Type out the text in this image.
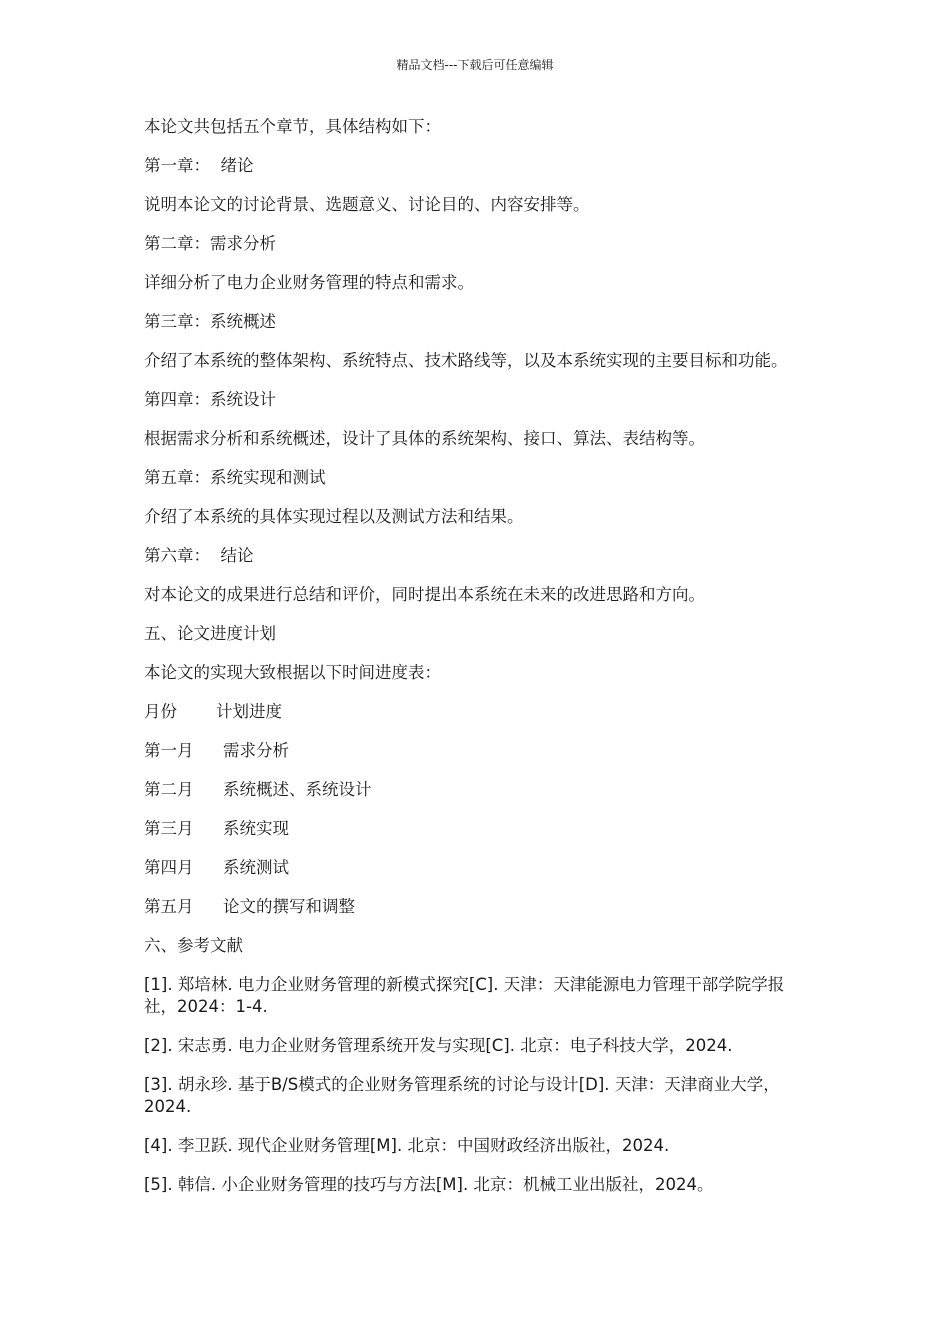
精品文档---下载后可任意编辑

本论文共包括五个章节，具体结构如下：

第一章：  绪论

说明本论文的讨论背景、选题意义、讨论目的、内容安排等。

第二章：需求分析

详细分析了电力企业财务管理的特点和需求。

第三章：系统概述

介绍了本系统的整体架构、系统特点、技术路线等，以及本系统实现的主要目标和功能。

第四章：系统设计

根据需求分析和系统概述，设计了具体的系统架构、接口、算法、表结构等。

第五章：系统实现和测试

介绍了本系统的具体实现过程以及测试方法和结果。

第六章：  结论

对本论文的成果进行总结和评价，同时提出本系统在未来的改进思路和方向。

五、论文进度计划

本论文的实现大致根据以下时间进度表：

月份	计划进度
第一月	需求分析
第二月	系统概述、系统设计
第三月	系统实现
第四月	系统测试
第五月	论文的撰写和调整

六、参考文献

[1]. 郑培林. 电力企业财务管理的新模式探究[C]. 天津：天津能源电力管理干部学院学报社，2024：1-4.

[2]. 宋志勇. 电力企业财务管理系统开发与实现[C]. 北京：电子科技大学，2024.

[3]. 胡永珍. 基于B/S模式的企业财务管理系统的讨论与设计[D]. 天津：天津商业大学，2024.

[4]. 李卫跃. 现代企业财务管理[M]. 北京：中国财政经济出版社，2024.

[5]. 韩信. 小企业财务管理的技巧与方法[M]. 北京：机械工业出版社，2024。
